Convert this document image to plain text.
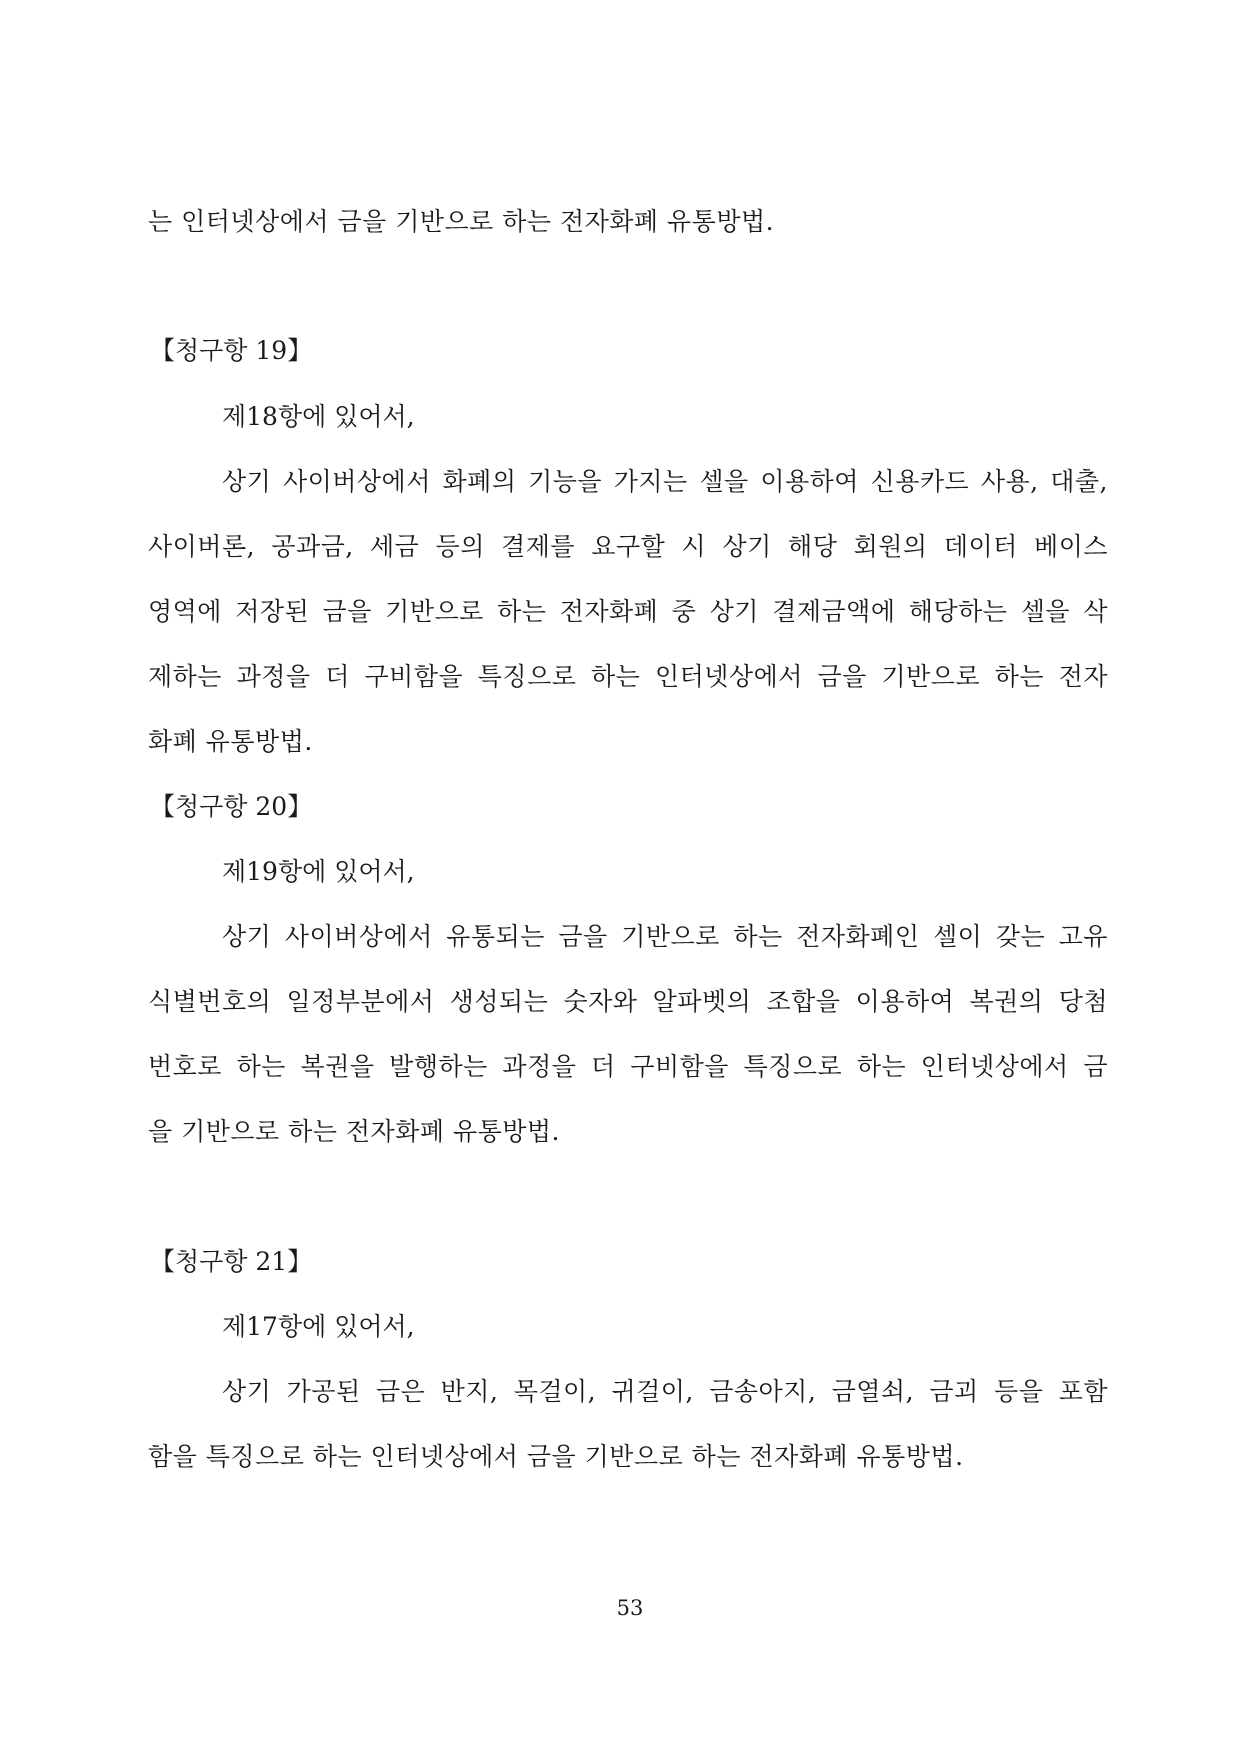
는 인터넷상에서 금을 기반으로 하는 전자화폐 유통방법.
【청구항 19】
제18항에 있어서,
상기 사이버상에서 화폐의 기능을 가지는 셀을 이용하여 신용카드 사용, 대출,
사이버론, 공과금, 세금 등의 결제를 요구할 시 상기 해당 회원의 데이터 베이스
영역에 저장된 금을 기반으로 하는 전자화폐 중 상기 결제금액에 해당하는 셀을 삭
제하는 과정을 더 구비함을 특징으로 하는 인터넷상에서 금을 기반으로 하는 전자
화폐 유통방법.
【청구항 20】
제19항에 있어서,
상기 사이버상에서 유통되는 금을 기반으로 하는 전자화폐인 셀이 갖는 고유
식별번호의 일정부분에서 생성되는 숫자와 알파벳의 조합을 이용하여 복권의 당첨
번호로 하는 복권을 발행하는 과정을 더 구비함을 특징으로 하는 인터넷상에서 금
을 기반으로 하는 전자화폐 유통방법.
【청구항 21】
제17항에 있어서,
상기 가공된 금은 반지, 목걸이, 귀걸이, 금송아지, 금열쇠, 금괴 등을 포함
함을 특징으로 하는 인터넷상에서 금을 기반으로 하는 전자화폐 유통방법.
53
